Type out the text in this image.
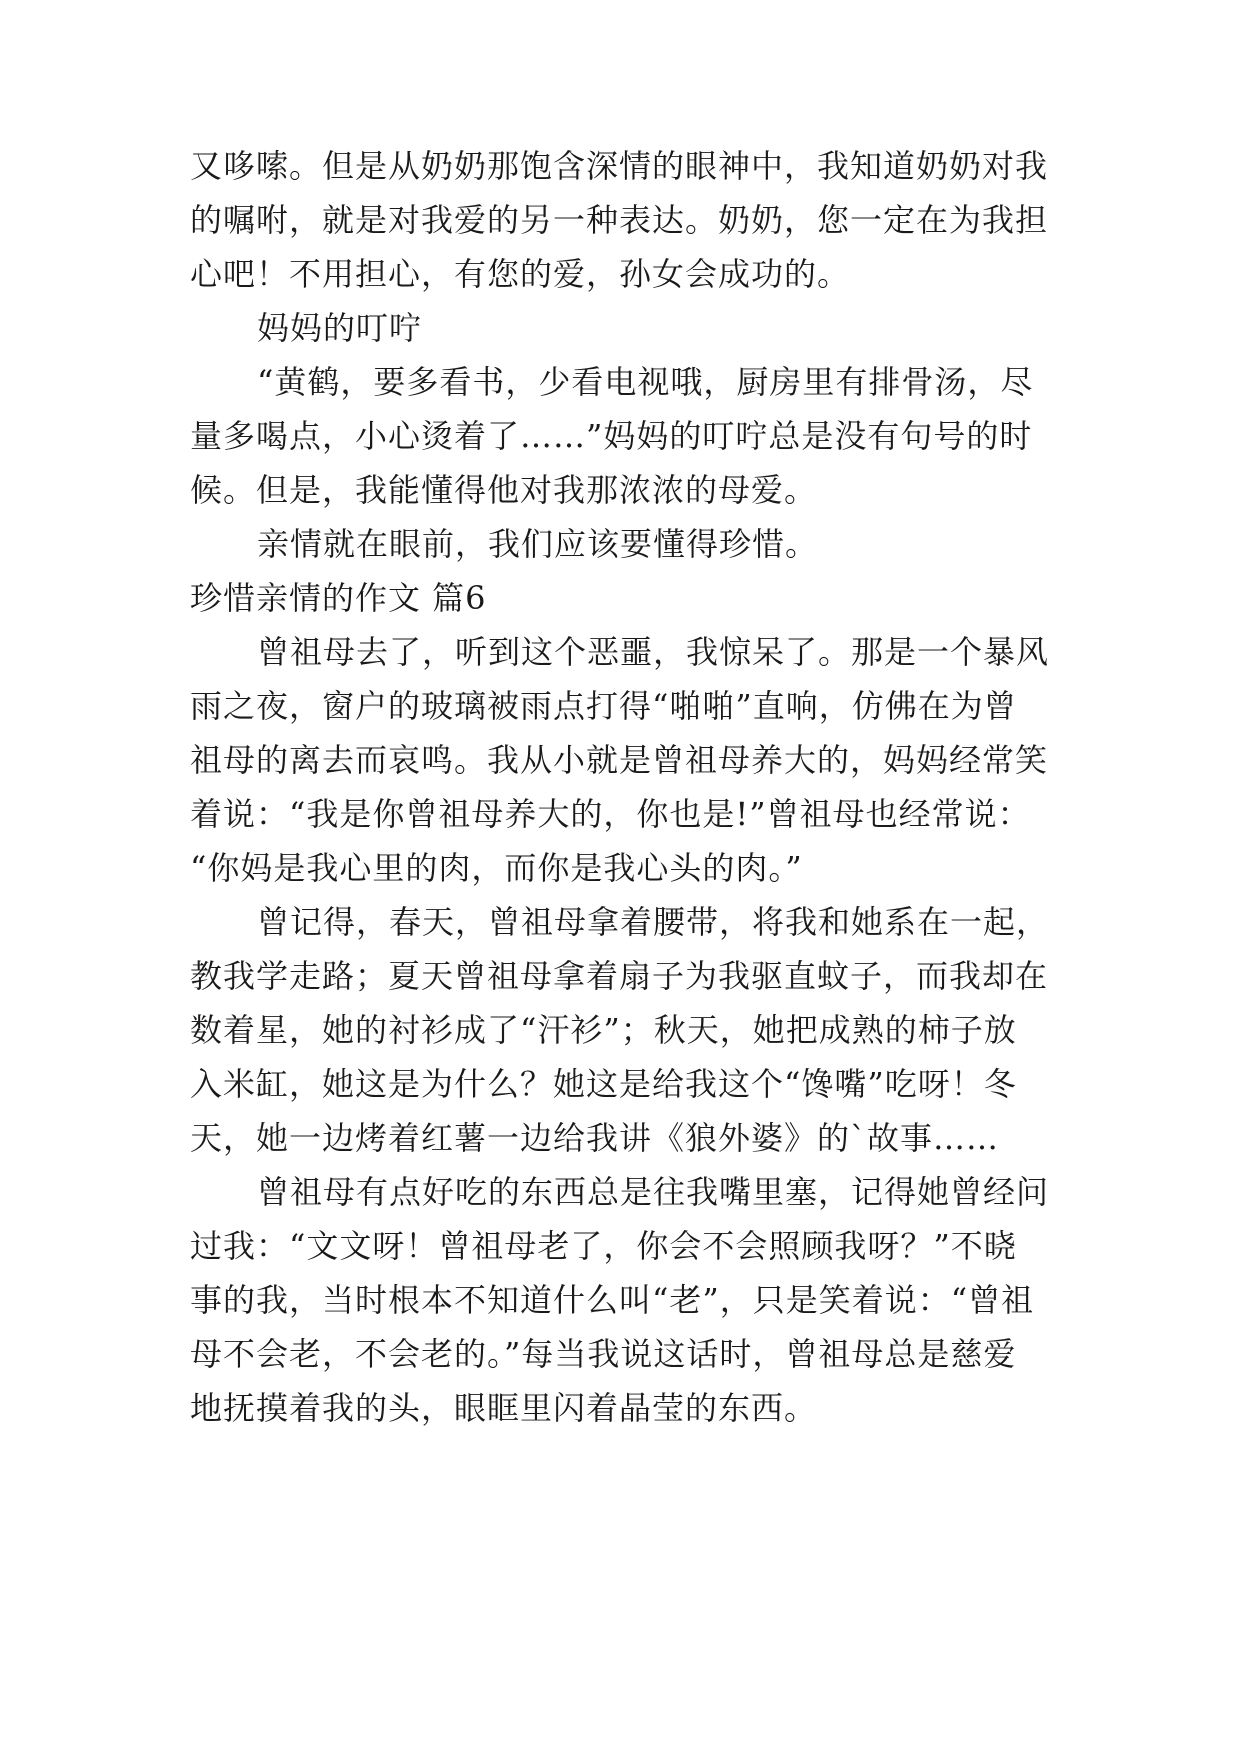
又哆嗦。但是从奶奶那饱含深情的眼神中，我知道奶奶对我
的嘱咐，就是对我爱的另一种表达。奶奶，您一定在为我担
心吧！不用担心，有您的爱，孙女会成功的。
妈妈的叮咛
“黄鹤，要多看书，少看电视哦，厨房里有排骨汤，尽
量多喝点，小心烫着了……”妈妈的叮咛总是没有句号的时
候。但是，我能懂得他对我那浓浓的母爱。
亲情就在眼前，我们应该要懂得珍惜。
珍惜亲情的作文 篇6
曾祖母去了，听到这个恶噩，我惊呆了。那是一个暴风
雨之夜，窗户的玻璃被雨点打得“啪啪”直响，仿佛在为曾
祖母的离去而哀鸣。我从小就是曾祖母养大的，妈妈经常笑
着说：“我是你曾祖母养大的，你也是!”曾祖母也经常说：
“你妈是我心里的肉，而你是我心头的肉。”
曾记得，春天，曾祖母拿着腰带，将我和她系在一起，
教我学走路；夏天曾祖母拿着扇子为我驱直蚊子，而我却在
数着星，她的衬衫成了“汗衫”；秋天，她把成熟的柿子放
入米缸，她这是为什么？她这是给我这个“馋嘴”吃呀！冬
天，她一边烤着红薯一边给我讲《狼外婆》的`故事……
曾祖母有点好吃的东西总是往我嘴里塞，记得她曾经问
过我：“文文呀！曾祖母老了，你会不会照顾我呀？”不晓
事的我，当时根本不知道什么叫“老”，只是笑着说：“曾祖
母不会老，不会老的。”每当我说这话时，曾祖母总是慈爱
地抚摸着我的头，眼眶里闪着晶莹的东西。
